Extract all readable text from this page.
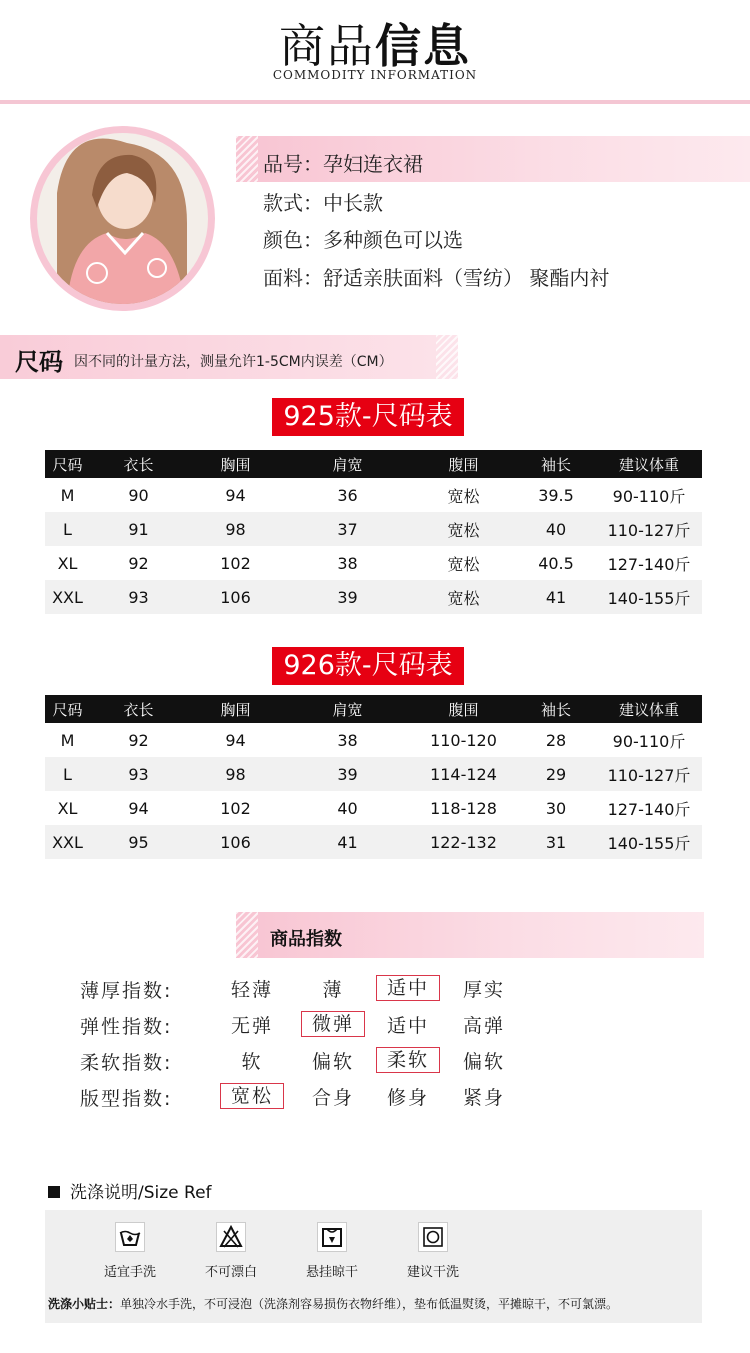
商品信息
COMMODITY INFORMATION
品号：孕妇连衣裙
款式：中长款
颜色：多种颜色可以选
面料：舒适亲肤面料（雪纺） 聚酯内衬
尺码 因不同的计量方法，测量允许1-5CM内误差（CM）
925款-尺码表
尺码	衣长	胸围	肩宽	腹围	袖长	建议体重
M	90	94	36	宽松	39.5	90-110斤
L	91	98	37	宽松	40	110-127斤
XL	92	102	38	宽松	40.5	127-140斤
XXL	93	106	39	宽松	41	140-155斤
926款-尺码表
尺码	衣长	胸围	肩宽	腹围	袖长	建议体重
M	92	94	38	110-120	28	90-110斤
L	93	98	39	114-124	29	110-127斤
XL	94	102	40	118-128	30	127-140斤
XXL	95	106	41	122-132	31	140-155斤
商品指数
薄厚指数:	轻薄	薄	适中	厚实
弹性指数:	无弹	微弹	适中	高弹
柔软指数:	软	偏软	柔软	偏软
版型指数:	宽松	合身	修身	紧身
洗涤说明/Size Ref
适宜手洗	不可漂白	悬挂晾干	建议干洗
洗涤小贴士：单独冷水手洗，不可浸泡（洗涤剂容易损伤衣物纤维），垫布低温熨烫，平摊晾干，不可氯漂。
